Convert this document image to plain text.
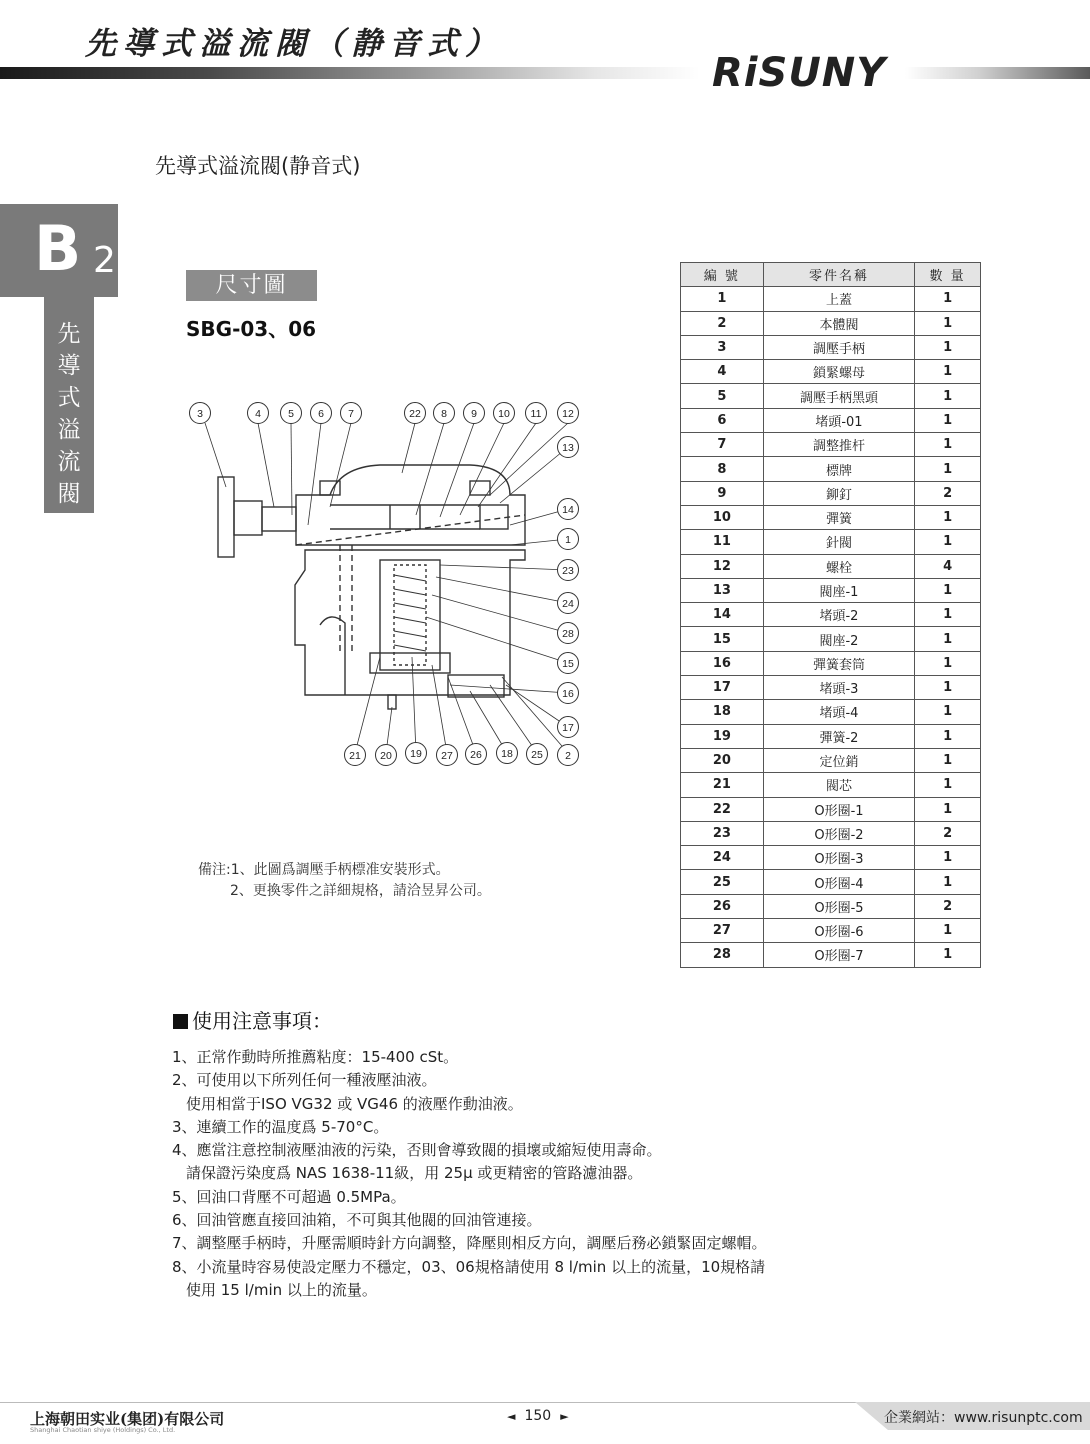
先導式溢流閥（静音式）
RiSUNY
先導式溢流閥(静音式)
B 2
先
導
式
溢
流
閥
尺寸圖
SBG-03、06
3	4	5 6 7	22 8 9 10 11 12
13
14
1
23
24
28
15
16
17
21 20 19 27 26 18 25 2
備注:1、此圖爲調壓手柄標准安裝形式。
2、更換零件之詳細規格，請洽昱昇公司。
編 號	零件名稱	數 量
1	上蓋	1
2	本體閥	1
3	調壓手柄	1
4	鎖緊螺母	1
5	調壓手柄黑頭	1
6	堵頭-01	1
7	調整推杆	1
8	標牌	1
9	鉚釘	2
10	彈簧	1
11	針閥	1
12	螺栓	4
13	閥座-1	1
14	堵頭-2	1
15	閥座-2	1
16	彈簧套筒	1
17	堵頭-3	1
18	堵頭-4	1
19	彈簧-2	1
20	定位銷	1
21	閥芯	1
22	O形圈-1	1
23	O形圈-2	2
24	O形圈-3	1
25	O形圈-4	1
26	O形圈-5	2
27	O形圈-6	1
28	O形圈-7	1
使用注意事項：
1、正常作動時所推薦粘度：15-400 cSt。
2、可使用以下所列任何一種液壓油液。
使用相當于ISO VG32 或 VG46 的液壓作動油液。
3、連續工作的温度爲 5-70°C。
4、應當注意控制液壓油液的污染，否則會導致閥的損壞或縮短使用壽命。
請保證污染度爲 NAS 1638-11級，用 25μ 或更精密的管路濾油器。
5、回油口背壓不可超過 0.5MPa。
6、回油管應直接回油箱，不可與其他閥的回油管連接。
7、調整壓手柄時，升壓需順時針方向調整，降壓則相反方向，調壓后務必鎖緊固定螺帽。
8、小流量時容易使設定壓力不穩定，03、06規格請使用 8 l/min 以上的流量，10規格請
使用 15 l/min 以上的流量。
上海朝田实业(集团)有限公司
Shanghai Chaotian shiye (Holdings) Co., Ltd.
◄ 150 ►	企業網站：www.risunptc.com
